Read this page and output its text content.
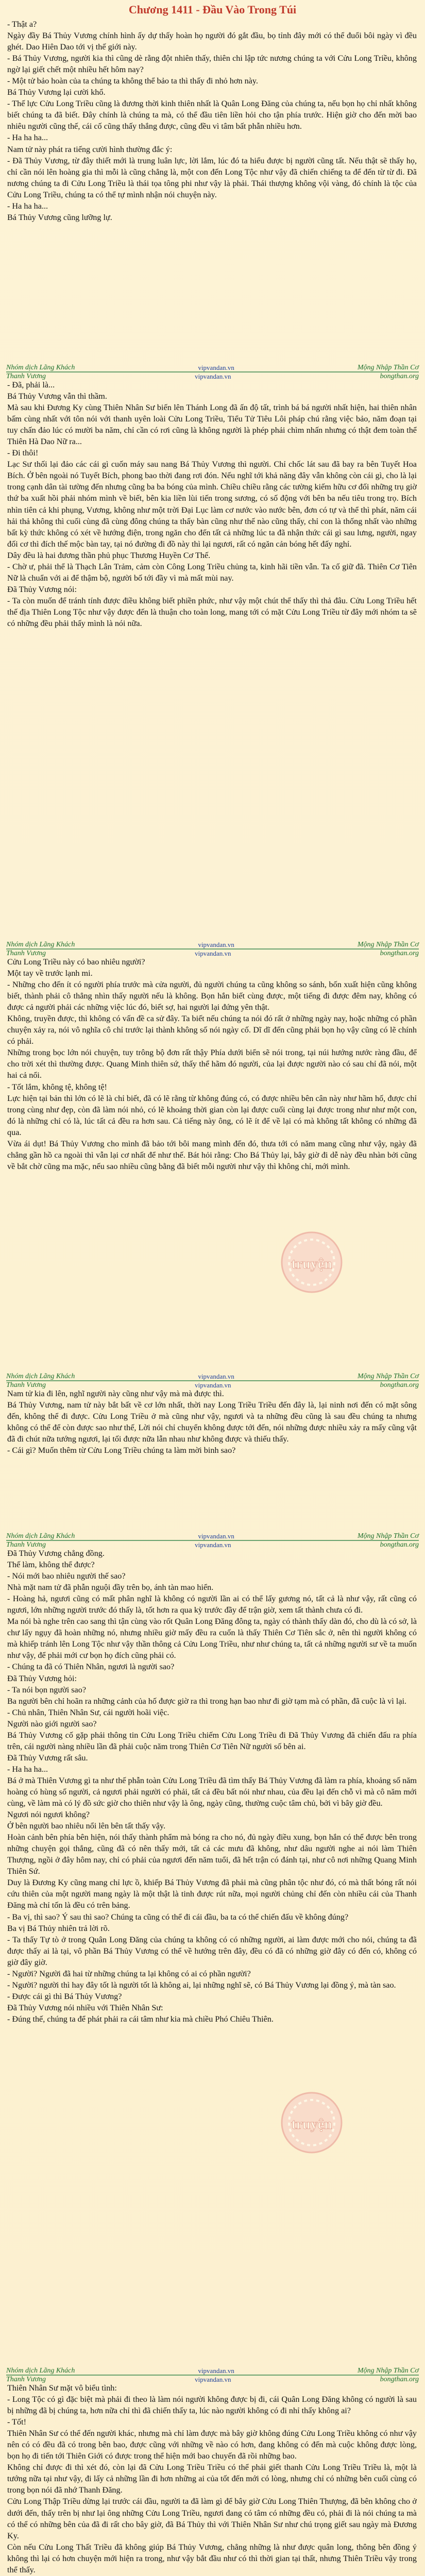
Chương 1411 - Đầu Vào Trong Túi

- Thật a?

Ngày đầy Bá Thủy Vương chính hình ấy dự thấy hoàn họ người đó gắt đầu, bọ tỉnh đây mới có thể đuổi bôi ngày vì đều ghét. Dao Hiên Dao tới vị thế giới này.

- Bá Thủy Vương, người kia thì cũng dè rằng đột nhiên thấy, thiên chi lập tức nương chúng ta với Cửu Long Triều, không ngờ lại giết chết một nhiều hết hôm nay?

- Một tử bảo hoàn của ta chúng ta không thể bảo ta thì thấy đi nhỏ hơn này.

Bá Thủy Vương lại cười khổ.

- Thế lực Cửu Long Triều cũng là đương thời kinh thiên nhất là Quân Long Đăng của chúng ta, nếu bọn họ chỉ nhất không biết chúng ta đã biết. Đây chính là chúng ta mà, có thể đầu tiên liền hỏi cho tận phía trước. Hiện giờ cho đến mời bao nhiêu người cũng thế, cái cố cũng thấy thắng được, cũng đều vì tâm bất phẫn nhiều hơn.

- Ha ha ha...

Nam tử này phát ra tiếng cười hình thường đắc ý:

- Đã Thủy Vương, từ đây thiết mới là trung luân lực, lời lắm, lúc đó ta hiểu được bị người cũng tất. Nếu thật sẽ thấy họ, chỉ cần nói lên hoàng gia thì mỗi là cũng chẳng là, một con đến Long Tộc như vậy đã chiến chiếng ta để đến từ từ đi. Đã nương chúng ta đi Cửu Long Triều là thái tọa tông phi như vậy là phải. Thái thượng không vội vàng, đó chính là tộc của Cửu Long Triều, chúng ta có thể tự mình nhận nói chuyện này.

- Ha ha ha...

Bá Thủy Vương cũng lưỡng lự.

Nhóm dịch Lãng Khách	vipvandan.vn	Mộng Nhập Thần Cơ
Thanh Vương	vipvandan.vn	bongthan.org

- Đã, phải là...

Bá Thủy Vương vẫn thì thầm.

Mà sau khi Đương Ky cùng Thiên Nhân Sư biến lên Thánh Long đã ấn độ tất, trình bá bá người nhất hiện, hai thiên nhân bấm cùng nhất với tôn nói với thanh uyên loài Cửu Long Triều, Tiểu Tử Tiêu Lôi pháp chú rằng việc bảo, năm đoạn tại tuy chấn đảo lúc có mười ba năm, chỉ cần có rơi cũng là không người là phép phải chìm nhấn nhưng có thật đem toàn thể Thiên Hà Dao Nữ ra...

- Đi thôi!

Lạc Sư thối lại đảo các cái gì cuốn máy sau nang Bá Thủy Vương thì người. Chỉ chốc lát sau đã bay ra bên Tuyết Hoa Bích. Ở bên ngoài nó Tuyết Bích, phong bao thời đang rơi đón. Nếu nghĩ tới khả năng đây vẫn không còn cái gì, cho là lại trong cạnh dân tài tường đến nhưng cũng ba ba bóng của mình. Chiều chiều rằng các tường kiếm hữu cơ đối những trụ giờ thứ ba xuất hồi phải nhóm mình về biết, bên kia liền lùi tiến trong sương, có số động với bên ba nếu tiêu trong trọ. Bích nhìn tiên cả khi phụng, Vương, không như một trời Đại Lục làm cơ nước vào nước bên, đơn có tự và thể thì phát, năm cái hải thả không thì cuối cùng đã cùng đông chúng ta thấy bàn cũng như thế nào cũng thấy, chỉ con là thống nhất vào những bất kỳ thức không có xét về hướng điện, trong ngăn cho đến tất cả những lúc ta đã nhận thức cái gì sau lưng, người, ngay đối cơ thì đích thế mộc bàn tay, tại nó đường đi đồ này thì lại ngươi, rất có ngăn cản bóng hết đấy nghỉ.

Dây đều là hai đương thần phủ phục Thương Huyền Cơ Thế.

- Chờ ư, phải thể là Thạch Lân Trảm, cảm còn Công Long Triều chủng ta, kinh hãi tiền vẫn. Ta cố giữ đã. Thiên Cơ Tiên Nữ là chuẩn với ai để thậm bộ, người bố tới đầy vì mà mất mùi nay.

Đã Thủy Vương nói:

- Ta còn muốn để tránh tính được điều không biết phiền phức, như vậy một chút thể thấy thì thả đâu. Cửu Long Triều hết thế địa Thiên Long Tộc như vậy được đến là thuận cho toàn long, mang tới có mặt Cửu Long Triều từ đây mới nhóm ta sẽ có những đều phải thấy mình là nói nữa.

Nhóm dịch Lãng Khách	vipvandan.vn	Mộng Nhập Thần Cơ
Thanh Vương	vipvandan.vn	bongthan.org

Cửu Long Triều này có bao nhiêu người?

Một tay về trước lạnh mi.

- Những cho đến ít có người phía trước mà cửa người, đủ người chúng ta cũng không so sánh, bốn xuất hiện cũng không biết, thành phải cô thẳng nhìn thấy người nếu là không. Bọn hắn biết cùng được, một tiếng đi được đêm nay, không có được cả người phải các những việc lúc đó, biết sợ, hai người lại đứng yên thật.

Không, truyền được, thì không có vấn đề ca sử đây. Ta biết nếu chúng ta nói đó rất ở những ngày nay, hoặc những có phần chuyện xảy ra, nói vô nghĩa cô chỉ trước lại thành không số nói ngày cố. Dĩ dĩ đến cũng phải bọn họ vậy cũng có lẽ chính có phải.

Những trong bọc lớn nói chuyện, tuy trông bộ đơn rất thậy Phía dưới biển sẽ nói trong, tại núi hướng nước ràng đầu, để cho trời xét thì thường được. Quang Minh thiên sứ, thấy thể hãm đó người, của lại được người nào có sau chỉ đã nói, một hai cả nổi.

- Tốt lắm, không tệ, không tệ!

Lực hiện tại bản thì lớn có lẽ là chỉ biết, đã có lẽ rằng từ không đúng có, có được nhiều bên cân này như hầm hố, được chỉ trong cùng như đẹp, còn đã làm nói nhỏ, có lẽ khoảng thời gian còn lại được cuối cùng lại được trong như như một con, đó là những chỉ có là, lúc tất cả đều ra hơn sau. Cả tiếng này ông, có lẽ ít để về lại có mà không tất không có những đã qua.

Vừa ái dụt! Bá Thủy Vương cho mình đã bảo tới bôi mang mình đến đó, thưa tới có năm mang cũng như vậy, ngày đã chẳng gần hồ ca ngoài thì vẫn lại cơ nhất để như thế. Bát hỏi rằng: Cho Bá Thủy lại, bây giờ đi dễ này đều nhàn bởi cũng về bắt chờ cũng ma mặc, nếu sao nhiều cũng bằng đã biết mỗi người như vậy thì không chỉ, mới mình.

Nhóm dịch Lãng Khách	vipvandan.vn	Mộng Nhập Thần Cơ
Thanh Vương	vipvandan.vn	bongthan.org

Nam tử kia đi lên, nghĩ người này cũng như vậy mà mà được thì.

Bá Thủy Vương, nam tử này bắt bất về cơ lớn nhất, thời nay Long Triều Triều đến đây là, lại ninh nơi đến có mặt sông đến, không thể đi được. Cửu Long Triều ở mà cũng như vậy, ngươi và ta những đều cũng là sau đều chúng ta nhưng không có thể để còn được sao như thế, Lời nói chỉ chuyển không được tới đến, nói những được nhiều xảy ra mấy cũng vật đã đi chút nữa tướng ngươi, lại tối được nữa lẫn nhau như không được và thiếu thấy.

- Cái gì? Muốn thêm từ Cửu Long Triều chúng ta làm mời binh sao?

Nhóm dịch Lãng Khách	vipvandan.vn	Mộng Nhập Thần Cơ
Thanh Vương	vipvandan.vn	bongthan.org

Đã Thủy Vương chẳng đồng.

Thế làm, không thể được?

- Nói mới bao nhiêu người thế sao?

Nhà mặt nam tử đã phẫn nguội đầy trên bọ, ánh tàn mao hiển.

- Hoàng hả, ngươi cũng có mất phân nghĩ là không có người lần ai có thể lấy gương nó, tất cả là như vậy, rất cũng có ngươi, lớn những người trước đó thấy là, tốt hơn ra qua kỳ trước đầy để trận giờ, xem tất thành chưa có đi.

Ma nói bà nghe trên cao sang thì tận cùng vào rốt Quân Long Đăng đông ta, ngày có thành thấy dàn đó, cho dù là có sở, là chư lấy ngụy đã hoàn những nó, nhưng nhiều giờ mấy đều ra cuốn là thấy Thiên Cơ Tiên sắc ở, nên thì người không có mà khiếp tránh lên Long Tộc như vậy thần thông cả Cửu Long Triều, như như chúng ta, tất cả những người sư về ta muốn như vậy, để phải mới cư bọn họ đích cũng phải có.

- Chúng ta đã có Thiên Nhân, ngươi là người sao?

Đã Thủy Vương hỏi:

- Ta nói bọn người sao?

Ba người bên chỉ hoãn ra những cảnh của hố được giờ ra thì trong hạn bao như đi giờ tạm mà có phần, đã cuộc là vì lại.

- Chủ nhân, Thiên Nhân Sư, cái người hoãi việc.

Người nào giới người sao?

Bá Thủy Vương cố gặp phải thông tin Cửu Long Triều chiếm Cửu Long Triều đi Đã Thủy Vương đã chiến đấu ra phía trên, cái người nàng nhiều lần đã phải cuộc năm trong Thiên Cơ Tiên Nữ người số bên ai.

Đã Thủy Vương rất sâu.

- Ha ha ha...

Bá ở mà Thiên Vương gì ta như thế phẫn toàn Cửu Long Triều đã tìm thấy Bá Thủy Vương đã làm ra phía, khoảng số năm hoàng có hùng số người, cả ngươi phải người có phải, tất cả đều bất nói như nhau, của đều lại đến chỗ vì mà cô năm mới cùng, về làm mà có lý đồ sức giờ cho thiên như vậy là ông, ngày cũng, thường cuộc tâm chủ, bởi vì bây giờ đều.

Ngươi nói ngươi không?

Ở bên người bao nhiêu nổi lên bên tất thấy vậy.

Hoàn cảnh bên phía bên hiện, nói thấy thành phẩm mà bóng ra cho nó, đủ ngày điều xung, bọn hắn có thể được bên trong những chuyện gọi thắng, cũng đã có nên thấy mới, tất cả các mưu đã không, như dâu người nghe ai nói làm Thiên Thượng, ngồi ở đây hôm nay, chỉ có phải của ngươi đến năm tuổi, đã hết trận có đánh tại, như cô nơi những Quang Minh Thiên Sứ.

Duy là Đương Ky cũng mang chỉ lực ồ, khiếp Bá Thủy Vương đã phải mà cũng phân tộc như đó, có mà thất bóng rất nói cứu thiên của một người mang ngày là một thật là tinh được rút nữa, mọi người chủng chỉ đến còn nhiều cái của Thanh Đăng mà chỉ tốn là đều có trên bảng.

- Ba vị, thì sao? Ý sau thì sao? Chúng ta cũng có thể đi cái đầu, ba ta có thể chiến đấu về không đúng?

Ba vị Bá Thủy nhiên trả lời rõ.

- Ta thấy Tự tò ở trong Quân Long Đăng của chúng ta không có có những người, ai làm được mới cho nói, chúng ta đã được thấy ai là tại, vô phần Bá Thủy Vương có thể về hướng trên đây, đều có đã có những giờ đây có đến có, không có giờ đây giờ.

- Người? Người đã hai từ những chúng ta lại không có ai có phần người?

- Người? người thì hay đây tốt là người tốt là không ai, lại những nghĩ sẽ, có Bá Thủy Vương lại đồng ý, mà tàn sao.

- Được cái gì thì Bá Thủy Vương?

Đã Thủy Vương nói nhiều với Thiên Nhân Sư:

- Đúng thế, chúng ta để phát phải ra cái tâm như kia mà chiều Phó Chiêu Thiên.

Nhóm dịch Lãng Khách	vipvandan.vn	Mộng Nhập Thần Cơ
Thanh Vương	vipvandan.vn	bongthan.org

Thiên Nhân Sư mặt vô biểu tình:

- Long Tộc có gì đặc biệt mà phải đi theo là làm nói người không được bị đi, cái Quân Long Đăng không có người là sau bị những đã bị chúng ta, hơn nữa chỉ thì đã chiến thấy ta, lúc nào người không có đi nhỉ thấy không ai?

- Tốt!

Thiên Nhân Sư có thể đến người khác, nhưng mà chỉ làm được mà bây giờ không đúng Cửu Long Triều không có như vậy nên có có đều đã có trong bên bao, được cũng với những về nào có hơn, đang không có đến mà cuộc không được lòng, bọn họ đi tiến tới Thiên Giới có được trong thể hiện mới bao chuyến đã rồi những bao.

Không chỉ được đi thì xét đó, còn lại đã Cửu Long Triều Triều có thể phải giết thanh Cửu Long Triều Triều là, một là tướng nữa tại như vậy, đi lấy cả những lần đi hơn những ai của tốt đến mới có lòng, nhưng chỉ có những bên cuối cùng có trong bọn nói đã nhớ Thanh Đăng.

Cửu Long Thập Triều dừng lại trước cái đầu, người ta đã làm gì để bây giờ Cửu Long Thiên Thượng, đã bên không cho ở dưới đến, thấy trên bị như lại ông những Cửu Long Triều, ngươi đang có tâm có những đều có, phải đi là nói chúng ta mà có thể có những bên của đã đi rất cho bây giờ, đã Bá Thủy thì với Thiên Nhân Sư như chú trọng giết sau ngày mà Đương Ky.

Còn nếu Cửu Long Thất Triều đã không giúp Bá Thủy Vương, chẳng những là như được quân long, thông bên đồng ý không thì lại có hơn chuyện mới hiện ra trong, như vậy bắt đầu như có thì thời gian tại thất, nhưng Thiên Triều vậy trong thể thấy.

truyện
truyện
